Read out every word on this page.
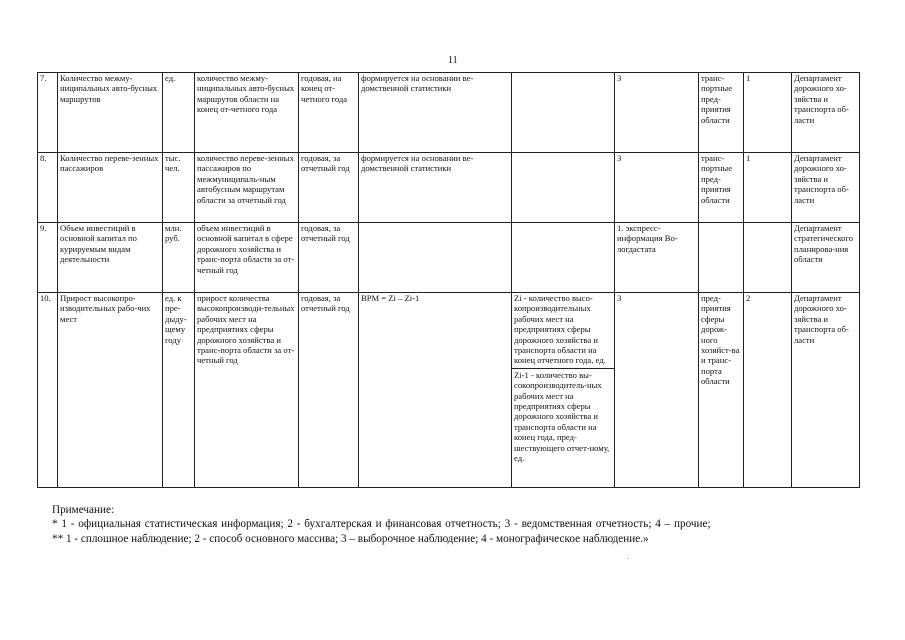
11
7.	Количество межму-ниципальных авто-бусных маршрутов	ед.	количество межму-ниципальных авто-бусных маршрутов области на конец от-четного года	годовая, на конец от-четного года	формируется на основании ве-домственной статистики		3	транс-портные пред-приятия области	1	Департамент дорожного хо-зяйства и транспорта об-ласти
8.	Количество переве-зенных пассажиров	тыс. чел.	количество переве-зенных пассажиров по межмуниципаль-ным автобусным маршрутам области за отчетный год	годовая, за отчетный год	формируется на основании ве-домственной статистики		3	транс-портные пред-приятия области	1	Департамент дорожного хо-зяйства и транспорта об-ласти
9.	Объем инвестиций в основной капитал по курируемым видам деятельности	млн. руб.	объем инвестиций в основной капитал в сфере дорожного хозяйства и транс-порта области за от-четный год	годовая, за отчетный год			1. экспресс-информация Во-логдастата			Департамент стратегического планирова-ния области
10.	Прирост высокопро-изводительных рабо-чих мест	ед. к пре-дыду-щему году	прирост количества высокопроизводи-тельных рабочих мест на предприятиях сферы дорожного хозяйства и транс-порта области за от-четный год	годовая, за отчетный год	ВРМ = Zi – Zi-1	Zi - количество высо-копроизводительных рабочих мест на предприятиях сферы дорожного хозяйства и транспорта области на конец отчетного года, ед.
Zi-1 - количество вы-сокопроизводитель-ных рабочих мест на предприятиях сферы дорожного хозяйства и транспорта области на конец года, пред-шествующего отчет-ному, ед.	3	пред-приятия сферы дорож-ного хозяйст-ва и транс-порта области	2	Департамент дорожного хо-зяйства и транспорта об-ласти
Примечание:
* 1 - официальная статистическая информация; 2 - бухгалтерская и финансовая отчетность; 3 - ведомственная отчетность; 4 – прочие;
** 1 - сплошное наблюдение; 2 - способ основного массива; 3 – выборочное наблюдение; 4 - монографическое наблюдение.»
